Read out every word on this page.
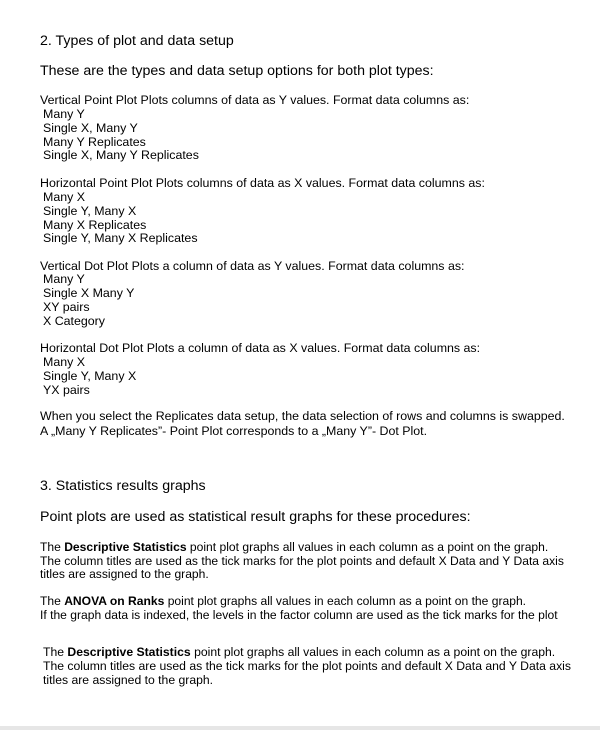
2. Types of plot and data setup

These are the types and data setup options for both plot types:

Vertical Point Plot Plots columns of data as Y values. Format data columns as:

Many Y

Single X, Many Y

Many Y Replicates

Single X, Many Y Replicates

Horizontal Point Plot Plots columns of data as X values. Format data columns as:

Many X

Single Y, Many X

Many X Replicates

Single Y, Many X Replicates

Vertical Dot Plot Plots a column of data as Y values. Format data columns as:

Many Y

Single X Many Y

XY pairs

X Category

Horizontal Dot Plot Plots a column of data as X values. Format data columns as:

Many X

Single Y, Many X

YX pairs

When you select the Replicates data setup, the data selection of rows and columns is swapped.

A „Many Y Replicates”- Point Plot corresponds to a „Many Y”- Dot Plot.

3. Statistics results graphs

Point plots are used as statistical result graphs for these procedures:

The Descriptive Statistics point plot graphs all values in each column as a point on the graph.

The column titles are used as the tick marks for the plot points and default X Data and Y Data axis

titles are assigned to the graph.

The ANOVA on Ranks point plot graphs all values in each column as a point on the graph.

If the graph data is indexed, the levels in the factor column are used as the tick marks for the plot

The Descriptive Statistics point plot graphs all values in each column as a point on the graph.

The column titles are used as the tick marks for the plot points and default X Data and Y Data axis

titles are assigned to the graph.
